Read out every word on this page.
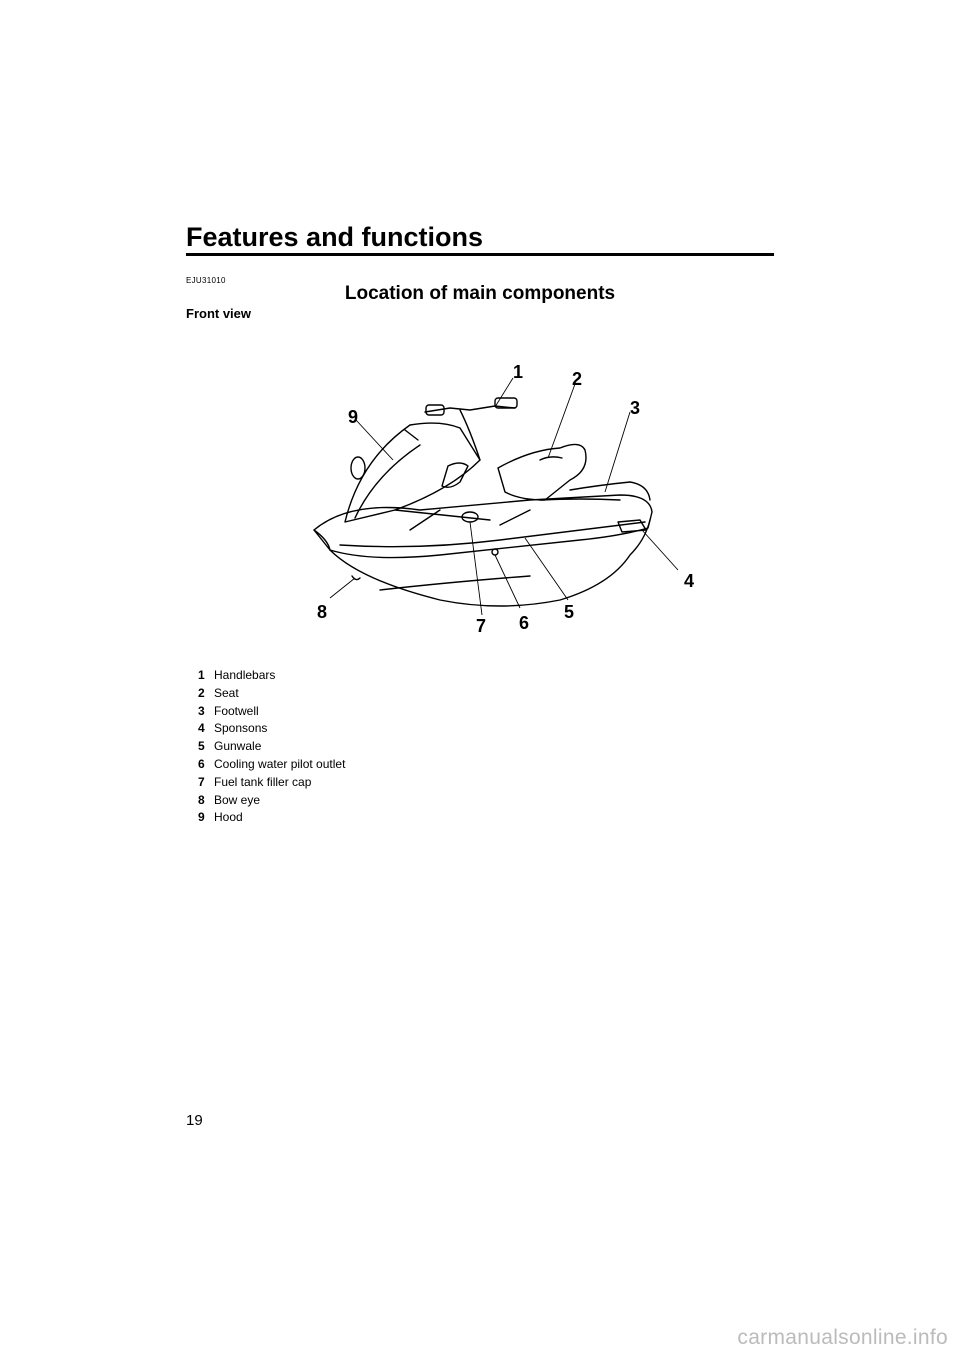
Features and functions
EJU31010
Location of main components
Front view
1	2
3
4
5
6
7
8
9
1 Handlebars
2 Seat
3 Footwell
4 Sponsons
5 Gunwale
6 Cooling water pilot outlet
7 Fuel tank filler cap
8 Bow eye
9 Hood
19
carmanualsonline.info
